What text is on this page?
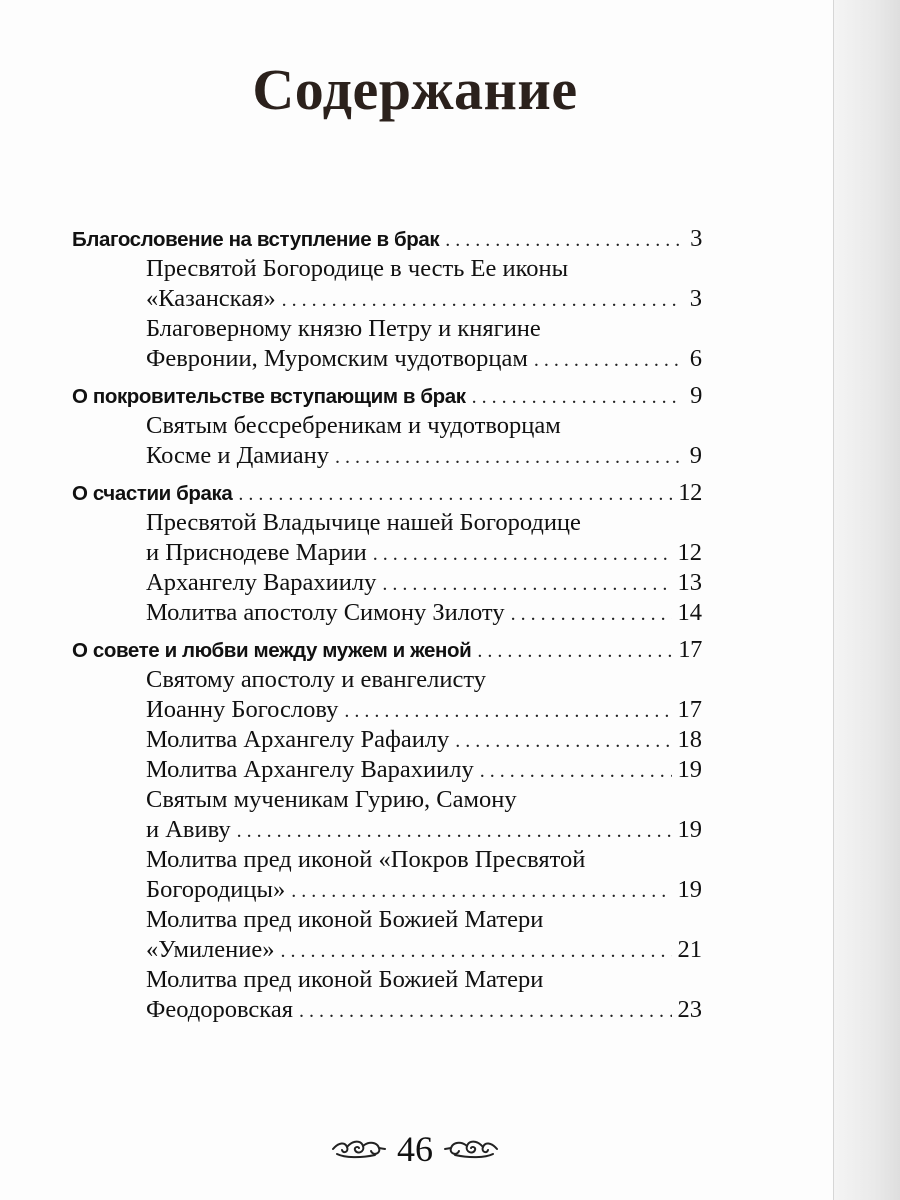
Содержание
Благословение на вступление в брак . . .	3
Пресвятой Богородице в честь Ее иконы
«Казанская» . . .	3
Благоверному князю Петру и княгине
Февронии, Муромским чудотворцам . . .	6
О покровительстве вступающим в брак . . .	9
Святым бессребреникам и чудотворцам
Косме и Дамиану . . .	9
О счастии брака . . .	12
Пресвятой Владычице нашей Богородице
и Приснодеве Марии . . .	12
Архангелу Варахиилу . . .	13
Молитва апостолу Симону Зилоту . . .	14
О совете и любви между мужем и женой . . .	17
Святому апостолу и евангелисту
Иоанну Богослову . . .	17
Молитва Архангелу Рафаилу . . .	18
Молитва Архангелу Варахиилу . . .	19
Святым мученикам Гурию, Самону
и Авиву . . .	19
Молитва пред иконой «Покров Пресвятой
Богородицы» . . .	19
Молитва пред иконой Божией Матери
«Умиление» . . .	21
Молитва пред иконой Божией Матери
Феодоровская . . .	23
46
